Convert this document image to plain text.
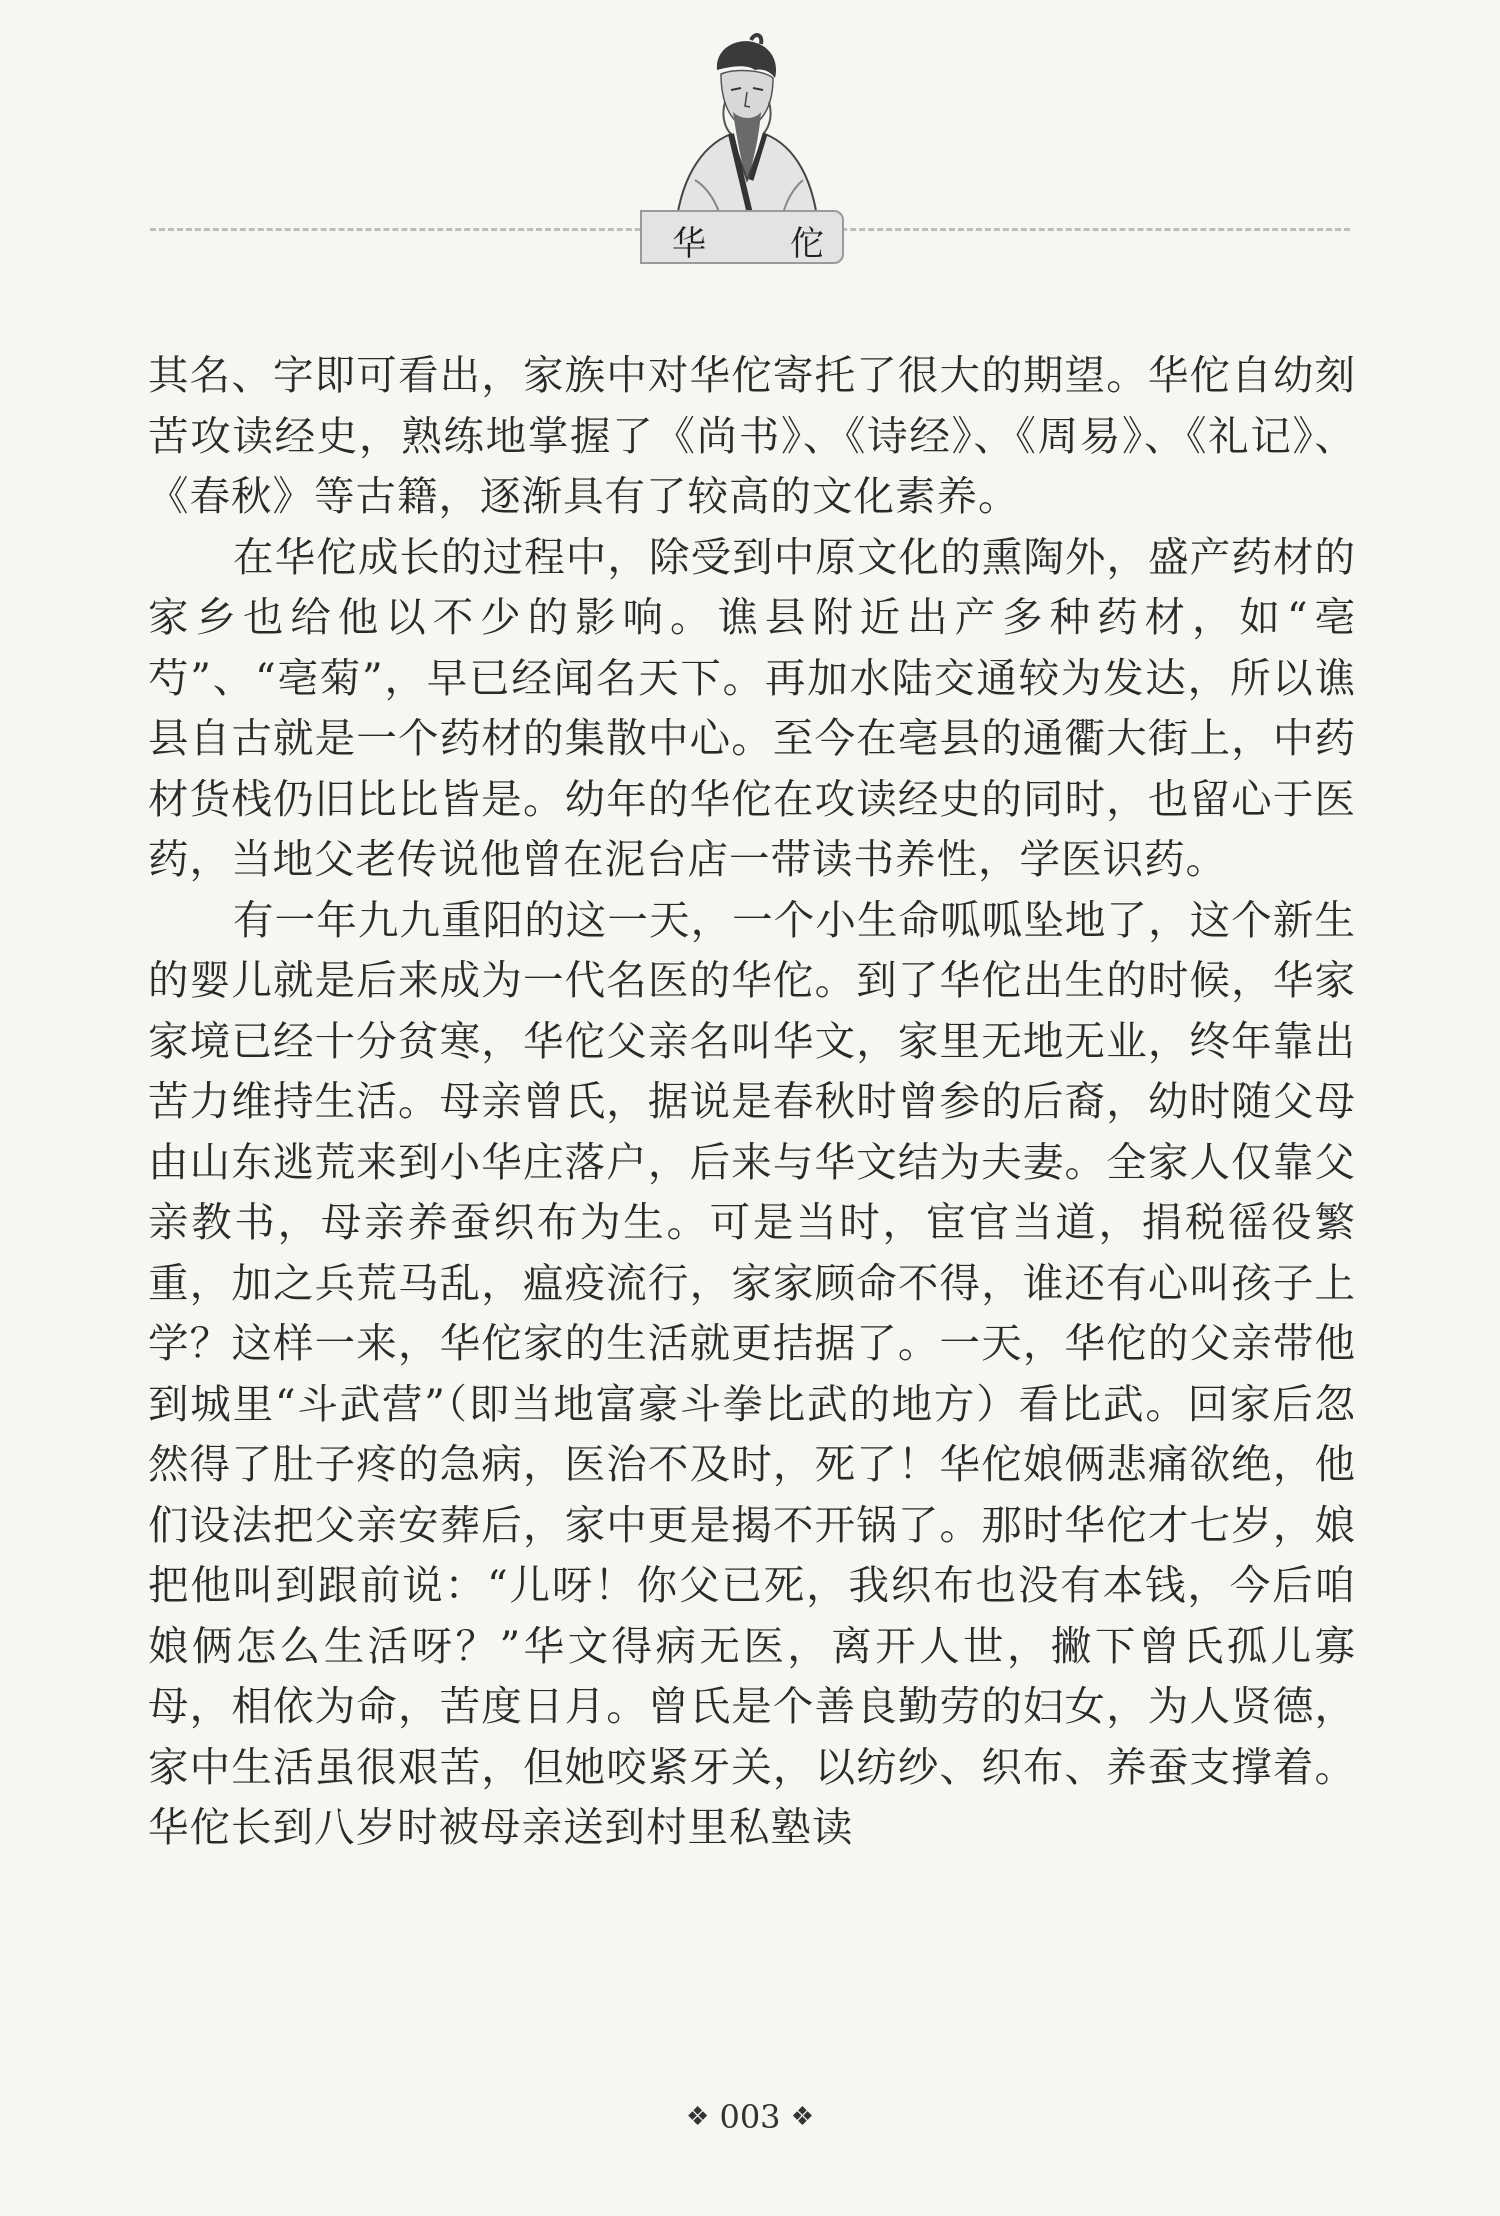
华 佗

其名、字即可看出，家族中对华佗寄托了很大的期望。华佗自幼刻苦攻读经史，熟练地掌握了《尚书》、《诗经》、《周易》、《礼记》、《春秋》等古籍，逐渐具有了较高的文化素养。

在华佗成长的过程中，除受到中原文化的熏陶外，盛产药材的家乡也给他以不少的影响。谯县附近出产多种药材，如“亳芍”、“亳菊”，早已经闻名天下。再加水陆交通较为发达，所以谯县自古就是一个药材的集散中心。至今在亳县的通衢大街上，中药材货栈仍旧比比皆是。幼年的华佗在攻读经史的同时，也留心于医药，当地父老传说他曾在泥台店一带读书养性，学医识药。

有一年九九重阳的这一天，一个小生命呱呱坠地了，这个新生的婴儿就是后来成为一代名医的华佗。到了华佗出生的时候，华家家境已经十分贫寒，华佗父亲名叫华文，家里无地无业，终年靠出苦力维持生活。母亲曾氏，据说是春秋时曾参的后裔，幼时随父母由山东逃荒来到小华庄落户，后来与华文结为夫妻。全家人仅靠父亲教书，母亲养蚕织布为生。可是当时，宦官当道，捐税徭役繁重，加之兵荒马乱，瘟疫流行，家家顾命不得，谁还有心叫孩子上学？这样一来，华佗家的生活就更拮据了。一天，华佗的父亲带他到城里“斗武营”（即当地富豪斗拳比武的地方）看比武。回家后忽然得了肚子疼的急病，医治不及时，死了！华佗娘俩悲痛欲绝，他们设法把父亲安葬后，家中更是揭不开锅了。那时华佗才七岁，娘把他叫到跟前说：“儿呀！你父已死，我织布也没有本钱，今后咱娘俩怎么生活呀？”华文得病无医，离开人世，撇下曾氏孤儿寡母，相依为命，苦度日月。曾氏是个善良勤劳的妇女，为人贤德，家中生活虽很艰苦，但她咬紧牙关，以纺纱、织布、养蚕支撑着。华佗长到八岁时被母亲送到村里私塾读

❖ 003 ❖
